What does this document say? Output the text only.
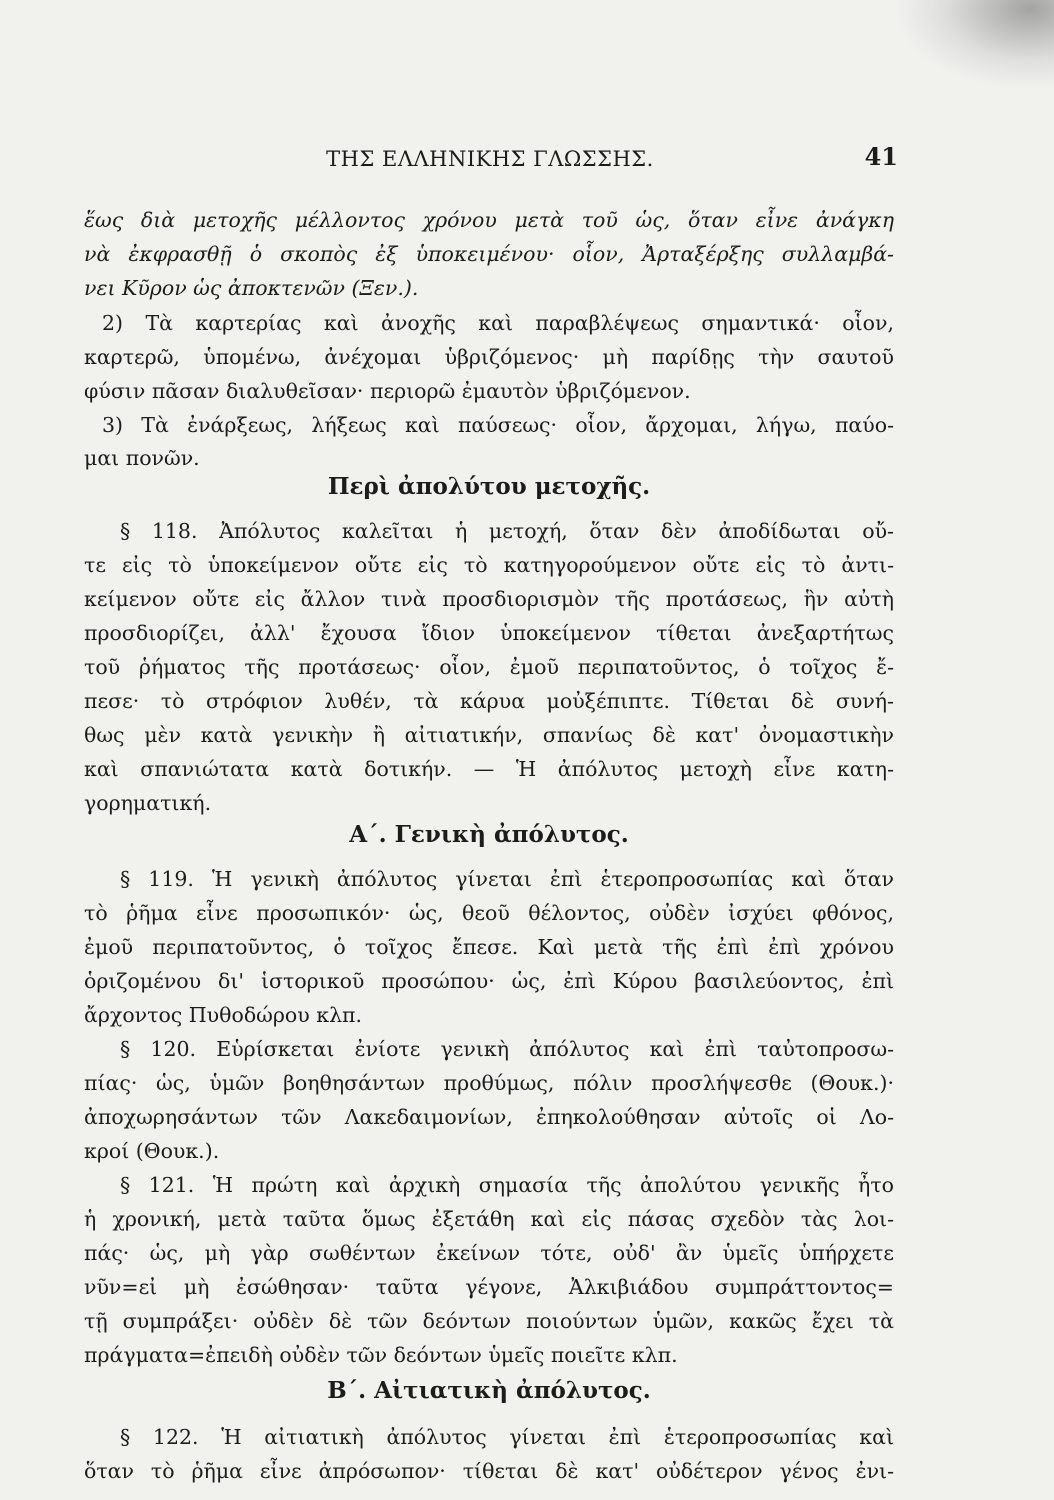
ΤΗΣ ΕΛΛΗΝΙΚΗΣ ΓΛΩΣΣΗΣ.	41
ἕως διὰ μετοχῆς μέλλοντος χρόνου μετὰ τοῦ ὡς, ὅταν εἶνε ἀνάγκη
νὰ ἐκφρασθῇ ὁ σκοπὸς ἐξ ὑποκειμένου· οἷον, Ἀρταξέρξης συλλαμβά-
νει Κῦρον ὡς ἀποκτενῶν (Ξεν.).
2) Τὰ καρτερίας καὶ ἀνοχῆς καὶ παραβλέψεως σημαντικά· οἷον,
καρτερῶ, ὑπομένω, ἀνέχομαι ὑβριζόμενος· μὴ παρίδῃς τὴν σαυτοῦ
φύσιν πᾶσαν διαλυθεῖσαν· περιορῶ ἐμαυτὸν ὑβριζόμενον.
3) Τὰ ἐνάρξεως, λήξεως καὶ παύσεως· οἷον, ἄρχομαι, λήγω, παύο-
μαι πονῶν.
Περὶ ἀπολύτου μετοχῆς.
§ 118. Ἀπόλυτος καλεῖται ἡ μετοχή, ὅταν δὲν ἀποδίδωται οὔ-
τε εἰς τὸ ὑποκείμενον οὔτε εἰς τὸ κατηγορούμενον οὔτε εἰς τὸ ἀντι-
κείμενον οὔτε εἰς ἄλλον τινὰ προσδιορισμὸν τῆς προτάσεως, ἣν αὐτὴ
προσδιορίζει, ἀλλ' ἔχουσα ἴδιον ὑποκείμενον τίθεται ἀνεξαρτήτως
τοῦ ῥήματος τῆς προτάσεως· οἷον, ἐμοῦ περιπατοῦντος, ὁ τοῖχος ἔ-
πεσε· τὸ στρόφιον λυθέν, τὰ κάρυα μοὐξέπιπτε. Τίθεται δὲ συνή-
θως μὲν κατὰ γενικὴν ἢ αἰτιατικήν, σπανίως δὲ κατ' ὀνομαστικὴν
καὶ σπανιώτατα κατὰ δοτικήν. — Ἡ ἀπόλυτος μετοχὴ εἶνε κατη-
γορηματική.
Α΄. Γενικὴ ἀπόλυτος.
§ 119. Ἡ γενικὴ ἀπόλυτος γίνεται ἐπὶ ἑτεροπροσωπίας καὶ ὅταν
τὸ ῥῆμα εἶνε προσωπικόν· ὡς, θεοῦ θέλοντος, οὐδὲν ἰσχύει φθόνος,
ἐμοῦ περιπατοῦντος, ὁ τοῖχος ἔπεσε. Καὶ μετὰ τῆς ἐπὶ ἐπὶ χρόνου
ὁριζομένου δι' ἱστορικοῦ προσώπου· ὡς, ἐπὶ Κύρου βασιλεύοντος, ἐπὶ
ἄρχοντος Πυθοδώρου κλπ.
§ 120. Εὑρίσκεται ἐνίοτε γενικὴ ἀπόλυτος καὶ ἐπὶ ταὐτοπροσω-
πίας· ὡς, ὑμῶν βοηθησάντων προθύμως, πόλιν προσλήψεσθε (Θουκ.)·
ἀποχωρησάντων τῶν Λακεδαιμονίων, ἐπηκολούθησαν αὐτοῖς οἱ Λο-
κροί (Θουκ.).
§ 121. Ἡ πρώτη καὶ ἀρχικὴ σημασία τῆς ἀπολύτου γενικῆς ἦτο
ἡ χρονική, μετὰ ταῦτα ὅμως ἐξετάθη καὶ εἰς πάσας σχεδὸν τὰς λοι-
πάς· ὡς, μὴ γὰρ σωθέντων ἐκείνων τότε, οὐδ' ἂν ὑμεῖς ὑπήρχετε
νῦν=εἰ μὴ ἐσώθησαν· ταῦτα γέγονε, Ἀλκιβιάδου συμπράττοντος=
τῇ συμπράξει· οὐδὲν δὲ τῶν δεόντων ποιούντων ὑμῶν, κακῶς ἔχει τὰ
πράγματα=ἐπειδὴ οὐδὲν τῶν δεόντων ὑμεῖς ποιεῖτε κλπ.
Β΄. Αἰτιατικὴ ἀπόλυτος.
§ 122. Ἡ αἰτιατικὴ ἀπόλυτος γίνεται ἐπὶ ἑτεροπροσωπίας καὶ
ὅταν τὸ ῥῆμα εἶνε ἀπρόσωπον· τίθεται δὲ κατ' οὐδέτερον γένος ἐνι-
